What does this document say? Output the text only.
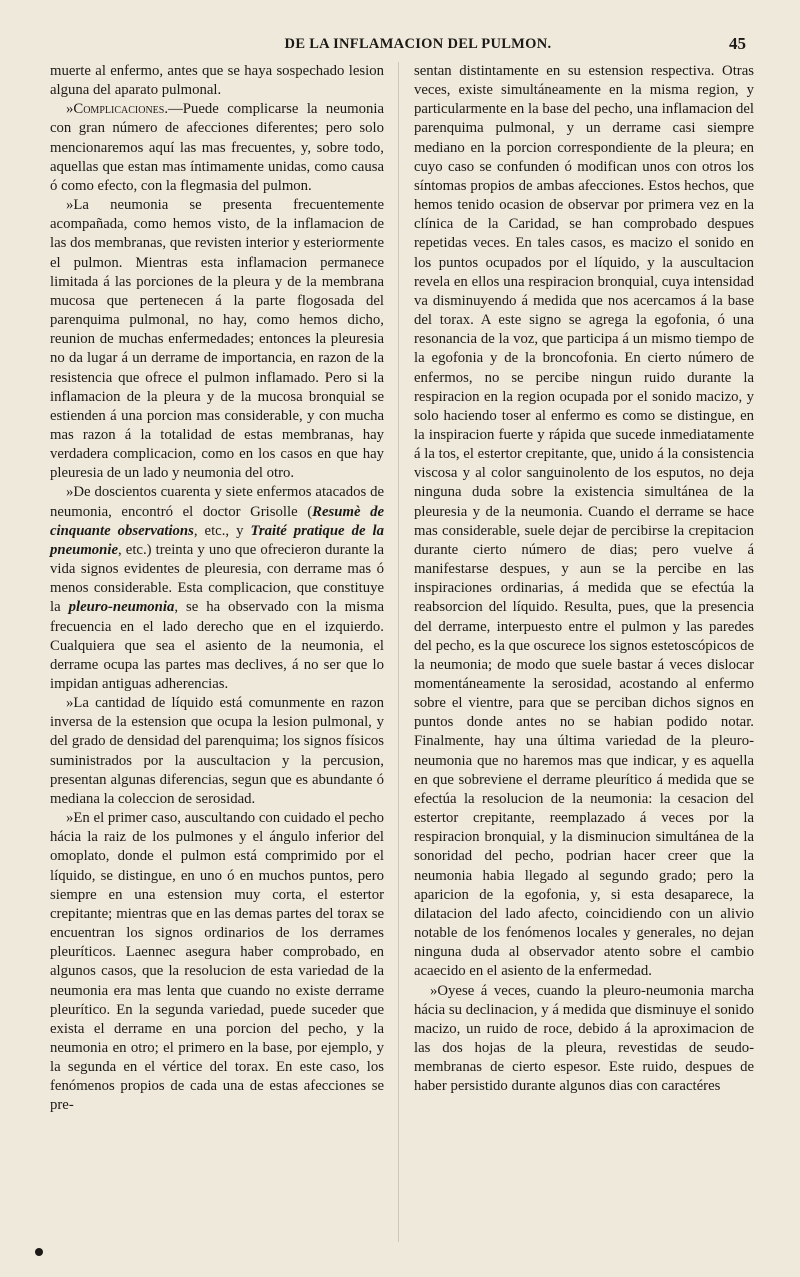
DE LA INFLAMACION DEL PULMON.	45

muerte al enfermo, antes que se haya sospechado lesion alguna del aparato pulmonal.

»Complicaciones.—Puede complicarse la neumonia con gran número de afecciones diferentes; pero solo mencionaremos aquí las mas frecuentes, y, sobre todo, aquellas que estan mas íntimamente unidas, como causa ó como efecto, con la flegmasia del pulmon.

»La neumonia se presenta frecuentemente acompañada, como hemos visto, de la inflamacion de las dos membranas, que revisten interior y esteriormente el pulmon. Mientras esta inflamacion permanece limitada á las porciones de la pleura y de la membrana mucosa que pertenecen á la parte flogosada del parenquima pulmonal, no hay, como hemos dicho, reunion de muchas enfermedades; entonces la pleuresia no da lugar á un derrame de importancia, en razon de la resistencia que ofrece el pulmon inflamado. Pero si la inflamacion de la pleura y de la mucosa bronquial se estienden á una porcion mas considerable, y con mucha mas razon á la totalidad de estas membranas, hay verdadera complicacion, como en los casos en que hay pleuresia de un lado y neumonia del otro.

»De doscientos cuarenta y siete enfermos atacados de neumonia, encontró el doctor Grisolle (Resumè de cinquante observations, etc., y Traité pratique de la pneumonie, etc.) treinta y uno que ofrecieron durante la vida signos evidentes de pleuresia, con derrame mas ó menos considerable. Esta complicacion, que constituye la pleuro-neumonia, se ha observado con la misma frecuencia en el lado derecho que en el izquierdo. Cualquiera que sea el asiento de la neumonia, el derrame ocupa las partes mas declives, á no ser que lo impidan antiguas adherencias.

»La cantidad de líquido está comunmente en razon inversa de la estension que ocupa la lesion pulmonal, y del grado de densidad del parenquima; los signos físicos suministrados por la auscultacion y la percusion, presentan algunas diferencias, segun que es abundante ó mediana la coleccion de serosidad.

»En el primer caso, auscultando con cuidado el pecho hácia la raiz de los pulmones y el ángulo inferior del omoplato, donde el pulmon está comprimido por el líquido, se distingue, en uno ó en muchos puntos, pero siempre en una estension muy corta, el estertor crepitante; mientras que en las demas partes del torax se encuentran los signos ordinarios de los derrames pleuríticos. Laennec asegura haber comprobado, en algunos casos, que la resolucion de esta variedad de la neumonia era mas lenta que cuando no existe derrame pleurítico. En la segunda variedad, puede suceder que exista el derrame en una porcion del pecho, y la neumonia en otro; el primero en la base, por ejemplo, y la segunda en el vértice del torax. En este caso, los fenómenos propios de cada una de estas afecciones se pre-

sentan distintamente en su estension respectiva. Otras veces, existe simultáneamente en la misma region, y particularmente en la base del pecho, una inflamacion del parenquima pulmonal, y un derrame casi siempre mediano en la porcion correspondiente de la pleura; en cuyo caso se confunden ó modifican unos con otros los síntomas propios de ambas afecciones. Estos hechos, que hemos tenido ocasion de observar por primera vez en la clínica de la Caridad, se han comprobado despues repetidas veces. En tales casos, es macizo el sonido en los puntos ocupados por el líquido, y la auscultacion revela en ellos una respiracion bronquial, cuya intensidad va disminuyendo á medida que nos acercamos á la base del torax. A este signo se agrega la egofonia, ó una resonancia de la voz, que participa á un mismo tiempo de la egofonia y de la broncofonia. En cierto número de enfermos, no se percibe ningun ruido durante la respiracion en la region ocupada por el sonido macizo, y solo haciendo toser al enfermo es como se distingue, en la inspiracion fuerte y rápida que sucede inmediatamente á la tos, el estertor crepitante, que, unido á la consistencia viscosa y al color sanguinolento de los esputos, no deja ninguna duda sobre la existencia simultánea de la pleuresia y de la neumonia. Cuando el derrame se hace mas considerable, suele dejar de percibirse la crepitacion durante cierto número de dias; pero vuelve á manifestarse despues, y aun se la percibe en las inspiraciones ordinarias, á medida que se efectúa la reabsorcion del líquido. Resulta, pues, que la presencia del derrame, interpuesto entre el pulmon y las paredes del pecho, es la que oscurece los signos estetoscópicos de la neumonia; de modo que suele bastar á veces dislocar momentáneamente la serosidad, acostando al enfermo sobre el vientre, para que se perciban dichos signos en puntos donde antes no se habian podido notar. Finalmente, hay una última variedad de la pleuro-neumonia que no haremos mas que indicar, y es aquella en que sobreviene el derrame pleurítico á medida que se efectúa la resolucion de la neumonia: la cesacion del estertor crepitante, reemplazado á veces por la respiracion bronquial, y la disminucion simultánea de la sonoridad del pecho, podrian hacer creer que la neumonia habia llegado al segundo grado; pero la aparicion de la egofonia, y, si esta desaparece, la dilatacion del lado afecto, coincidiendo con un alivio notable de los fenómenos locales y generales, no dejan ninguna duda al observador atento sobre el cambio acaecido en el asiento de la enfermedad.

»Oyese á veces, cuando la pleuro-neumonia marcha hácia su declinacion, y á medida que disminuye el sonido macizo, un ruido de roce, debido á la aproximacion de las dos hojas de la pleura, revestidas de seudo-membranas de cierto espesor. Este ruido, despues de haber persistido durante algunos dias con caractéres
